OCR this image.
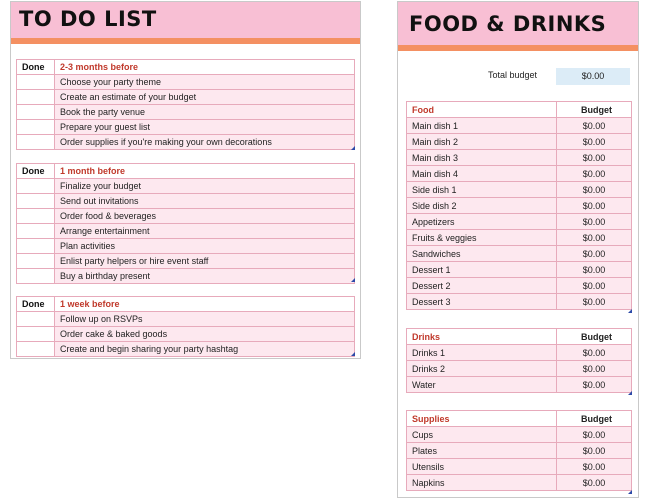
TO DO LIST
Done	2-3 months before
	Choose your party theme
	Create an estimate of your budget
	Book the party venue
	Prepare your guest list
	Order supplies if you're making your own decorations
Done	1 month before
	Finalize your budget
	Send out invitations
	Order food & beverages
	Arrange entertainment
	Plan activities
	Enlist party helpers or hire event staff
	Buy a birthday present
Done	1 week before
	Follow up on RSVPs
	Order cake & baked goods
	Create and begin sharing your party hashtag
FOOD & DRINKS
Total budget	$0.00
Food	Budget
Main dish 1	$0.00
Main dish 2	$0.00
Main dish 3	$0.00
Main dish 4	$0.00
Side dish 1	$0.00
Side dish 2	$0.00
Appetizers	$0.00
Fruits & veggies	$0.00
Sandwiches	$0.00
Dessert 1	$0.00
Dessert 2	$0.00
Dessert 3	$0.00
Drinks	Budget
Drinks 1	$0.00
Drinks 2	$0.00
Water	$0.00
Supplies	Budget
Cups	$0.00
Plates	$0.00
Utensils	$0.00
Napkins	$0.00
